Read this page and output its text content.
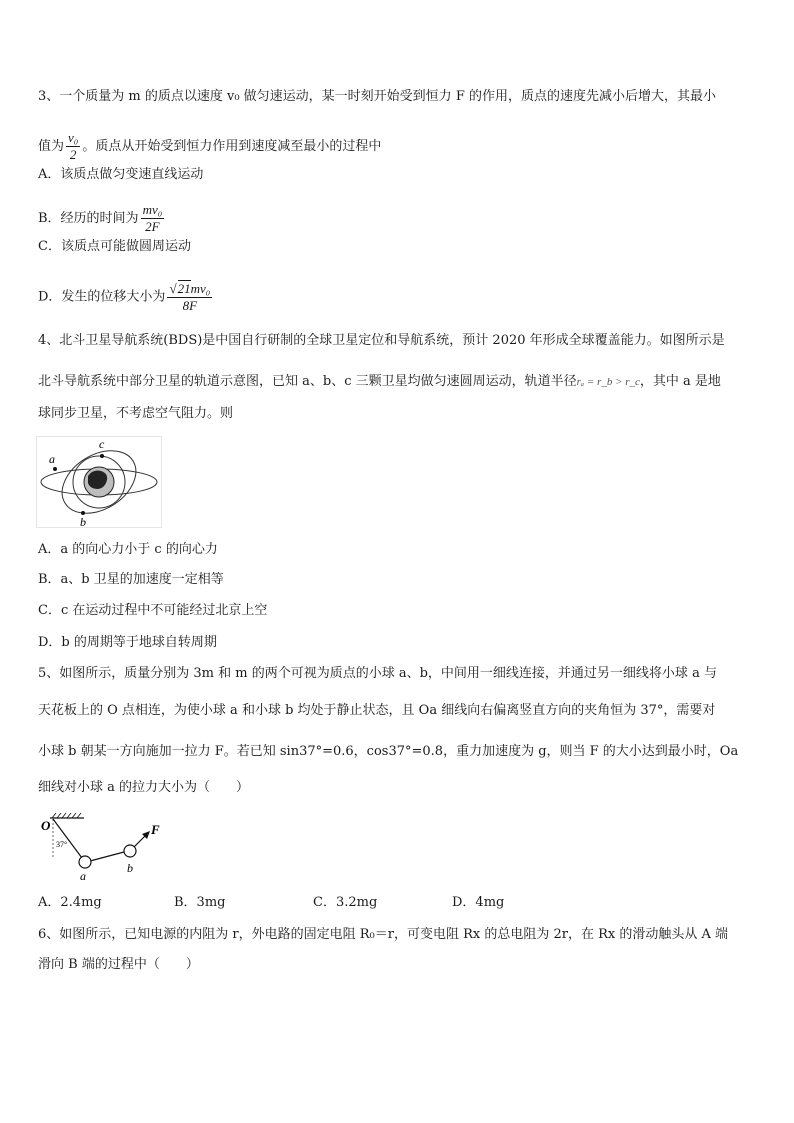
3、一个质量为 m 的质点以速度 v₀ 做匀速运动，某一时刻开始受到恒力 F 的作用，质点的速度先减小后增大，其最小
值为 $\frac{\text{v₀}}{2}$ 。质点从开始受到恒力作用到速度减至最小的过程中
A．该质点做匀变速直线运动
B．经历的时间为 $\frac{\text{mv₀}}{2F}$
C．该质点可能做圆周运动
D．发生的位移大小为 $\frac{\text{√21mv₀}}{8F}$
4、北斗卫星导航系统(BDS)是中国自行研制的全球卫星定位和导航系统，预计 2020 年形成全球覆盖能力。如图所示是
北斗导航系统中部分卫星的轨道示意图，已知 a、b、c 三颗卫星均做匀速圆周运动，轨道半径rₐ = r_b > r_c，其中 a 是地
球同步卫星，不考虑空气阻力。则
a
b
c
A．a 的向心力小于 c 的向心力
B．a、b 卫星的加速度一定相等
C．c 在运动过程中不可能经过北京上空
D．b 的周期等于地球自转周期
5、如图所示，质量分别为 3m 和 m 的两个可视为质点的小球 a、b，中间用一细线连接，并通过另一细线将小球 a 与
天花板上的 O 点相连，为使小球 a 和小球 b 均处于静止状态，且 Oa 细线向右偏离竖直方向的夹角恒为 37°，需要对
小球 b 朝某一方向施加一拉力 F。若已知 sin37°=0.6，cos37°=0.8，重力加速度为 g，则当 F 的大小达到最小时，Oa
细线对小球 a 的拉力大小为（　　）
O
37°
a
b
F
A．2.4mg	B．3mg	C．3.2mg	D．4mg
6、如图所示，已知电源的内阻为 r，外电路的固定电阻 R₀＝r，可变电阻 Rx 的总电阻为 2r，在 Rx 的滑动触头从 A 端
滑向 B 端的过程中（　　）
